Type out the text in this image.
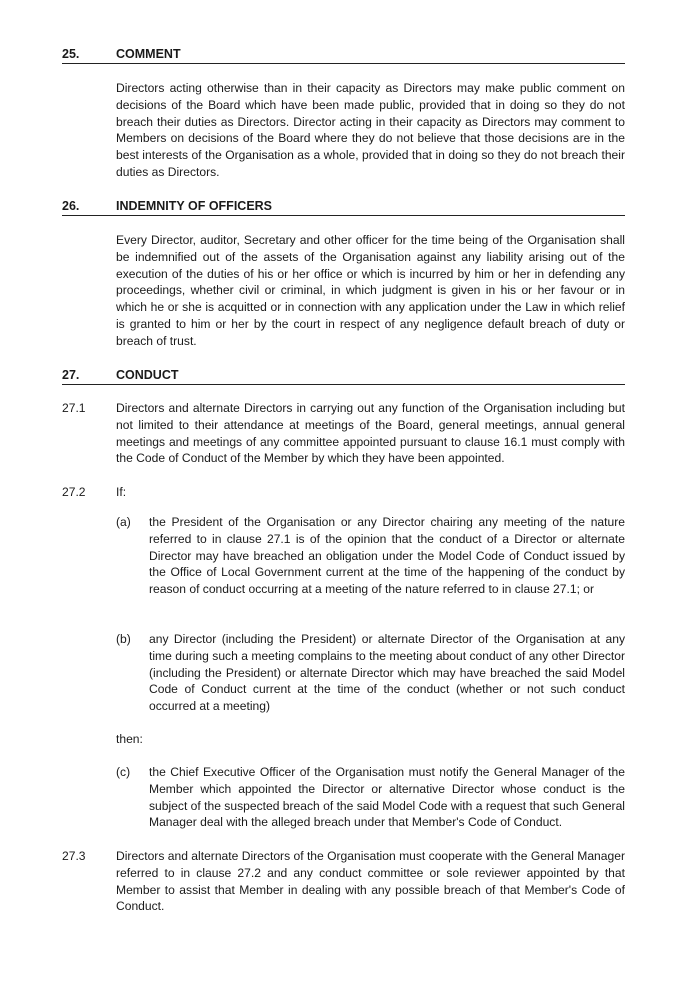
25.	COMMENT

Directors acting otherwise than in their capacity as Directors may make public comment on decisions of the Board which have been made public, provided that in doing so they do not breach their duties as Directors. Director acting in their capacity as Directors may comment to Members on decisions of the Board where they do not believe that those decisions are in the best interests of the Organisation as a whole, provided that in doing so they do not breach their duties as Directors.

26.	INDEMNITY OF OFFICERS

Every Director, auditor, Secretary and other officer for the time being of the Organisation shall be indemnified out of the assets of the Organisation against any liability arising out of the execution of the duties of his or her office or which is incurred by him or her in defending any proceedings, whether civil or criminal, in which judgment is given in his or her favour or in which he or she is acquitted or in connection with any application under the Law in which relief is granted to him or her by the court in respect of any negligence default breach of duty or breach of trust.

27.	CONDUCT
27.1	Directors and alternate Directors in carrying out any function of the Organisation including but not limited to their attendance at meetings of the Board, general meetings, annual general meetings and meetings of any committee appointed pursuant to clause 16.1 must comply with the Code of Conduct of the Member by which they have been appointed.

27.2	If:

(a) the President of the Organisation or any Director chairing any meeting of the nature referred to in clause 27.1 is of the opinion that the conduct of a Director or alternate Director may have breached an obligation under the Model Code of Conduct issued by the Office of Local Government current at the time of the happening of the conduct by reason of conduct occurring at a meeting of the nature referred to in clause 27.1; or

(b) any Director (including the President) or alternate Director of the Organisation at any time during such a meeting complains to the meeting about conduct of any other Director (including the President) or alternate Director which may have breached the said Model Code of Conduct current at the time of the conduct (whether or not such conduct occurred at a meeting)

then:

(c) the Chief Executive Officer of the Organisation must notify the General Manager of the Member which appointed the Director or alternative Director whose conduct is the subject of the suspected breach of the said Model Code with a request that such General Manager deal with the alleged breach under that Member's Code of Conduct.

27.3	Directors and alternate Directors of the Organisation must cooperate with the General Manager referred to in clause 27.2 and any conduct committee or sole reviewer appointed by that Member to assist that Member in dealing with any possible breach of that Member's Code of Conduct.
